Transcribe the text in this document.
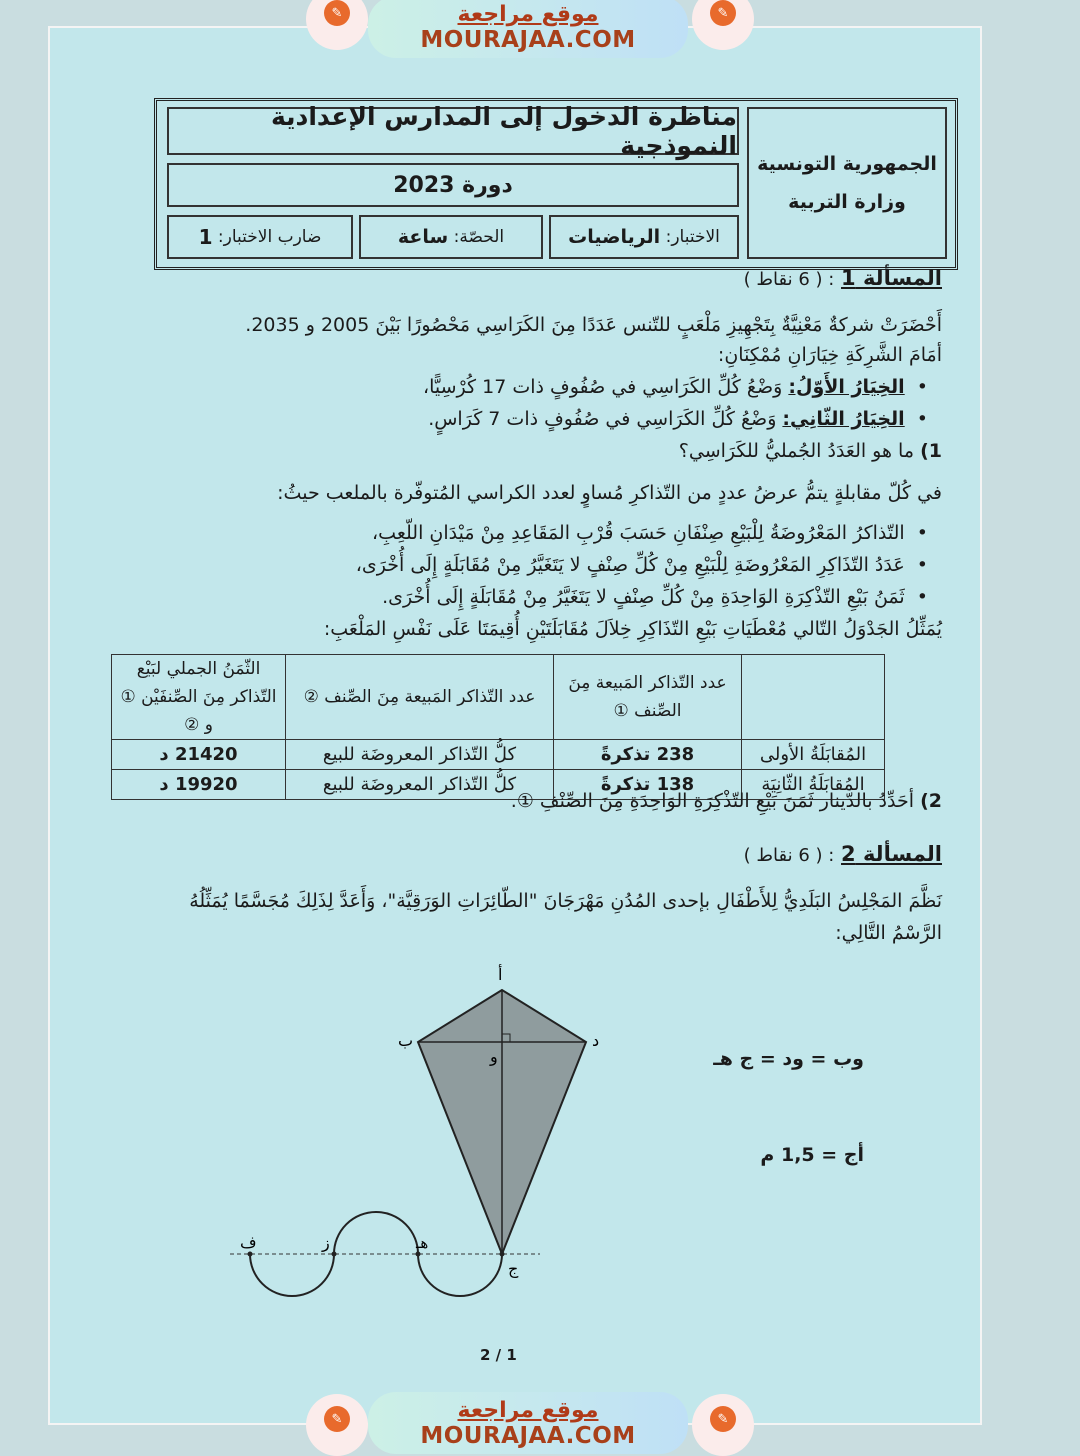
مناظرة الدخول إلى المدارس الإعدادية النموذجية
دورة 2023
الجمهورية التونسية
وزارة التربية
الاختبار:

الرياضيات
الحصّة:

ساعة
ضارب الاختبار:

1
المسألة 1 : ( 6 نقاط )
أَحْضَرَتْ شركةٌ مَعْنِيَّةٌ بِتَجْهِيزِ مَلْعَبٍ للتّنس عَدَدًا مِنَ الكَرَاسِي مَحْصُورًا بَيْنَ 2005 و 2035.
أمَامَ الشَّرِكَةِ خِيَارَانِ مُمْكِنَانِ:
•  الخِيَارُ الأَوّلُ: وَضْعُ كُلِّ الكَرَاسِي في صُفُوفٍ ذات 17 كُرْسِيًّا،
•  الخِيَارُ الثّانِي: وَضْعُ كُلِّ الكَرَاسِي في صُفُوفٍ ذات 7 كَرَاسٍ.
1) ما هو العَدَدُ الجُمليُّ للكَرَاسِي؟
في كُلّ مقابلةٍ يتمُّ عرضُ عددٍ من التّذاكرِ مُساوٍ لعدد الكراسي المُتوفّرة بالملعب حيثُ:
•  التّذاكرُ المَعْرُوضَةُ لِلْبَيْعِ صِنْفَانِ حَسَبَ قُرْبِ المَقَاعِدِ مِنْ مَيْدَانِ اللّعِبِ،
•  عَدَدُ التّذَاكِرِ المَعْرُوضَةِ لِلْبَيْعِ مِنْ كُلِّ صِنْفٍ لا يَتَغَيَّرُ مِنْ مُقَابَلَةٍ إِلَى أُخْرَى،
•  ثَمَنُ بَيْعِ التّذْكِرَةِ الوَاحِدَةِ مِنْ كُلِّ صِنْفٍ لا يَتَغَيَّرُ مِنْ مُقَابَلَةٍ إِلَى أُخْرَى.
يُمَثِّلُ الجَدْوَلُ التّالي مُعْطَيَاتِ بَيْعِ التّذَاكِرِ خِلاَلَ مُقَابَلَتَيْنِ أُقِيمَتَا عَلَى نَفْسِ المَلْعَبِ:
	عدد التّذاكر المَبيعة مِنَ الصِّنف ①	عدد التّذاكر المَبيعة مِنَ الصِّنف ②	الثّمَنُ الجملي لبَيْع التّذاكر مِنَ الصِّنفَيْن ① و ②
المُقابَلَةُ الأولى	238 تذكرةً	كلُّ التّذاكر المعروضَة للبيع	21420 د
المُقابَلَةُ الثّانِيَة	138 تذكرةً	كلُّ التّذاكر المعروضَة للبيع	19920 د
2) أحَدِّدُ بالدّينار ثَمَنَ بَيْعِ التّذْكِرَةِ الوَاحِدَةِ مِنَ الصِّنْفِ ①.
المسألة 2 : ( 6 نقاط )
نَظَّمَ المَجْلِسُ البَلَدِيُّ لِلأَطْفَالِ بإحدى المُدُنِ مَهْرَجَانَ "الطّائِرَاتِ الوَرَقِيَّة"، وَأَعَدَّ لِذَلِكَ مُجَسَّمًا يُمَثِّلُهُ
الرَّسْمُ التَّالِي:
وب = ود = ج هـ
أج = 1,5 م
أ
ب	د
و
ج
هـ
ز
ف
2 / 1
موقع مراجعة
MOURAJAA.COM
✎	✎
موقع مراجعة
MOURAJAA.COM
✎	✎
